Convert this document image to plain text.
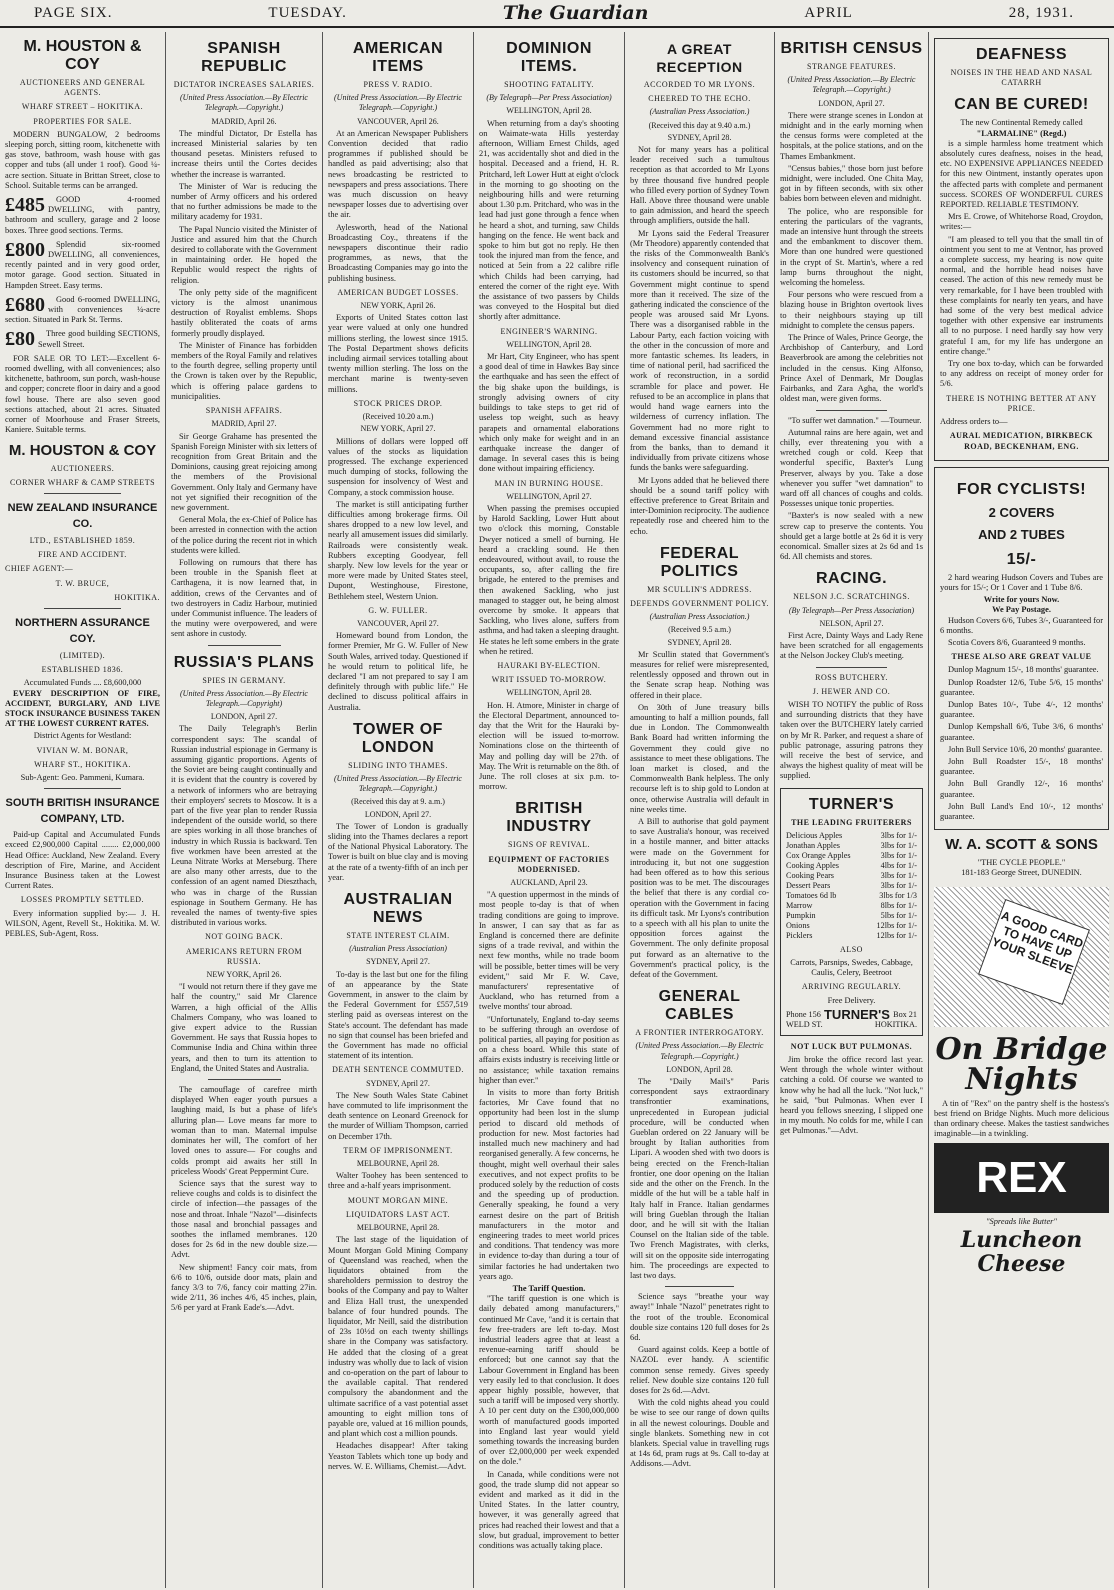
PAGE SIX.	TUESDAY.	The Guardian	APRIL	28, 1931.
M. HOUSTON & COY
AUCTIONEERS AND GENERAL AGENTS.
WHARF STREET – HOKITIKA.
PROPERTIES FOR SALE.

MODERN BUNGALOW, 2 bedrooms sleeping porch, sitting room, kitchenette with gas stove, bathroom, wash house with gas copper and tubs (all under 1 roof). Good ¼-acre section. Situate in Brittan Street, close to School. Suitable terms can be arranged.

£485	GOOD 4-roomed DWELLING, with pantry, bathroom and scullery, garage and 2 loose boxes. Three good sections. Terms.

£800	Splendid six-roomed DWELLING, all conveniences, recently painted and in very good order, motor garage. Good section. Situated in Hampden Street. Easy terms.

£680	Good 6-roomed DWELLING, with conveniences ¼-acre section. Situated in Park St. Terms.

£80	Three good building SECTIONS, Sewell Street.

FOR SALE OR TO LET:—Excellent 6-roomed dwelling, with all conveniences; also kitchenette, bathroom, sun porch, wash-house and copper; concrete floor in dairy and a good fowl house. There are also seven good sections attached, about 21 acres. Situated corner of Moorhouse and Fraser Streets, Kaniere. Suitable terms.

M. HOUSTON & COY
AUCTIONEERS.
CORNER WHARF & CAMP STREETS
NEW ZEALAND INSURANCE CO.
LTD., ESTABLISHED 1859.
FIRE AND ACCIDENT.
CHIEF AGENT:—
T. W. BRUCE,
HOKITIKA.
NORTHERN ASSURANCE COY.
(LIMITED).
ESTABLISHED 1836.
Accumulated Funds .... £8,600,000

EVERY DESCRIPTION OF FIRE, ACCIDENT, BURGLARY, AND LIVE STOCK INSURANCE BUSINESS TAKEN AT THE LOWEST CURRENT RATES.

District Agents for Westland:
VIVIAN W. M. BONAR,
WHARF ST., HOKITIKA.
Sub-Agent: Geo. Pammeni, Kumara.
SOUTH BRITISH INSURANCE COMPANY, LTD.

Paid-up Capital and Accumulated Funds exceed £2,900,000 Capital ........ £2,000,000 Head Office: Auckland, New Zealand. Every description of Fire, Marine, and Accident Insurance Business taken at the Lowest Current Rates.

LOSSES PROMPTLY SETTLED.

Every information supplied by:— J. H. WILSON, Agent, Revell St., Hokitika. M. W. PEBLES, Sub-Agent, Ross.

SPANISH REPUBLIC
DICTATOR INCREASES SALARIES.
(United Press Association.—By Electric Telegraph.—Copyright.)
MADRID, April 26.

The mindful Dictator, Dr Estella has increased Ministerial salaries by ten thousand pesetas. Ministers refused to increase theirs until the Cortes decides whether the increase is warranted.

The Minister of War is reducing the number of Army officers and his ordered that no further admissions be made to the military academy for 1931.

The Papal Nuncio visited the Minister of Justice and assured him that the Church desired to collaborate with the Government in maintaining order. He hoped the Republic would respect the rights of religion.

The only petty side of the magnificent victory is the almost unanimous destruction of Royalist emblems. Shops hastily obliterated the coats of arms formerly proudly displayed.

The Minister of Finance has forbidden members of the Royal Family and relatives to the fourth degree, selling property until the Crown is taken over by the Republic, which is offering palace gardens to municipalities.

SPANISH AFFAIRS.
MADRID, April 27.

Sir George Grahame has presented the Spanish Foreign Minister with six letters of recognition from Great Britain and the Dominions, causing great rejoicing among the members of the Provisional Government. Only Italy and Germany have not yet signified their recognition of the new government.

General Mola, the ex-Chief of Police has been arrested in connection with the action of the police during the recent riot in which students were killed.

Following on rumours that there has been trouble in the Spanish fleet at Carthagena, it is now learned that, in addition, crews of the Cervantes and of two destroyers in Cadiz Harbour, mutinied under Communist influence. The leaders of the mutiny were overpowered, and were sent ashore in custody.

RUSSIA'S PLANS
SPIES IN GERMANY.
(United Press Association.—By Electric Telegraph.—Copyright)
LONDON, April 27.

The Daily Telegraph's Berlin correspondent says: The scandal of Russian industrial espionage in Germany is assuming gigantic proportions. Agents of the Soviet are being caught continually and it is evident that the country is covered by a network of informers who are betraying their employers' secrets to Moscow. It is a part of the five year plan to render Russia independent of the outside world, so there are spies working in all those branches of industry in which Russia is backward. Ten five workmen have been arrested at the Leuna Nitrate Works at Merseburg. There are also many other arrests, due to the confession of an agent named Dieszthach, who was in charge of the Russian espionage in Southern Germany. He has revealed the names of twenty-five spies distributed in various works.

NOT GOING BACK.
AMERICANS RETURN FROM RUSSIA.
NEW YORK, April 26.

"I would not return there if they gave me half the country," said Mr Clarence Warren, a high official of the Allis Chalmers Company, who was loaned to give expert advice to the Russian Government. He says that Russia hopes to Communise India and China within three years, and then to turn its attention to England, the United States and Australia.

The camouflage of carefree mirth displayed When eager youth pursues a laughing maid, Is but a phase of life's alluring plan— Love means far more to woman than to man. Maternal impulse dominates her will, The comfort of her loved ones to assure— For coughs and colds prompt aid awaits her still In priceless Woods' Great Peppermint Cure.

Science says that the surest way to relieve coughs and colds is to disinfect the circle of infection—the passages of the nose and throat. Inhale "Nazol"—disinfects those nasal and bronchial passages and soothes the inflamed membranes. 120 doses for 2s 6d in the new double size.—Advt.

New shipment! Fancy coir mats, from 6/6 to 10/6, outside door mats, plain and fancy 3/3 to 7/6, fancy coir matting 27in. wide 2/11, 36 inches 4/6, 45 inches, plain, 5/6 per yard at Frank Eade's.—Advt.

AMERICAN ITEMS
PRESS V. RADIO.
(United Press Association.—By Electric Telegraph.—Copyright.)
VANCOUVER, April 26.

At an American Newspaper Publishers Convention decided that radio programmes if published should be handled as paid advertising; also that news broadcasting be restricted to newspapers and press associations. There was much discussion on heavy newspaper losses due to advertising over the air.

Aylesworth, head of the National Broadcasting Coy., threatens if the newspapers discontinue their radio programmes, as news, that the Broadcasting Companies may go into the publishing business.

AMERICAN BUDGET LOSSES.
NEW YORK, April 26.

Exports of United States cotton last year were valued at only one hundred millions sterling, the lowest since 1915. The Postal Department shows deficits including airmail services totalling about twenty million sterling. The loss on the merchant marine is twenty-seven millions.

STOCK PRICES DROP.
(Received 10.20 a.m.)
NEW YORK, April 27.

Millions of dollars were lopped off values of the stocks as liquidation progressed. The exchange experienced much dumping of stocks, following the suspension for insolvency of West and Company, a stock commission house.

The market is still anticipating further difficulties among brokerage firms. Oil shares dropped to a new low level, and nearly all amusement issues did similarly. Railroads were consistently weak. Rubbers excepting Goodyear, fell sharply. New low levels for the year or more were made by United States steel, Dupont, Westinghouse, Firestone, Bethlehem steel, Western Union.

G. W. FULLER.
VANCOUVER, April 27.

Homeward bound from London, the former Premier, Mr G. W. Fuller of New South Wales, arrived today. Questioned if he would return to political life, he declared "I am not prepared to say I am definitely through with public life." He declined to discuss political affairs in Australia.

TOWER OF LONDON
SLIDING INTO THAMES.
(United Press Association.—By Electric Telegraph.—Copyright.)
(Received this day at 9. a.m.)
LONDON, April 27.

The Tower of London is gradually sliding into the Thames declares a report of the National Physical Laboratory. The Tower is built on blue clay and is moving at the rate of a twenty-fifth of an inch per year.

AUSTRALIAN NEWS
STATE INTEREST CLAIM.
(Australian Press Association)
SYDNEY, April 27.

To-day is the last but one for the filing of an appearance by the State Government, in answer to the claim by the Federal Government for £557,519 sterling paid as overseas interest on the State's account. The defendant has made no sign that counsel has been briefed and the Government has made no official statement of its intention.

DEATH SENTENCE COMMUTED.
SYDNEY, April 27.

The New South Wales State Cabinet have commuted to life imprisonment the death sentence on Leonard Greenock for the murder of William Thompson, carried on December 17th.

TERM OF IMPRISONMENT.
MELBOURNE, April 28.

Walter Toohey has been sentenced to three and a-half years imprisonment.

MOUNT MORGAN MINE.
LIQUIDATORS LAST ACT.
MELBOURNE, April 28.

The last stage of the liquidation of Mount Morgan Gold Mining Company of Queensland was reached, when the liquidators obtained from the shareholders permission to destroy the books of the Company and pay to Walter and Eliza Hall trust, the unexpended balance of four hundred pounds. The liquidator, Mr Neill, said the distribution of 23s 10½d on each twenty shillings share in the Company was satisfactory. He added that the closing of a great industry was wholly due to lack of vision and co-operation on the part of labour to the available capital. That rendered compulsory the abandonment and the ultimate sacrifice of a vast potential asset amounting to eight million tons of payable ore, valued at 16 million pounds, and plant which cost a million pounds.

Headaches disappear! After taking Yeaston Tablets which tone up body and nerves. W. E. Williams, Chemist.—Advt.

DOMINION ITEMS.
SHOOTING FATALITY.
(By Telegraph—Per Press Association)
WELLINGTON, April 28.

When returning from a day's shooting on Waimate-wata Hills yesterday afternoon, William Ernest Childs, aged 21, was accidentally shot and died in the hospital. Deceased and a friend, H. R. Pritchard, left Lower Hutt at eight o'clock in the morning to go shooting on the neighbouring hills and were returning about 1.30 p.m. Pritchard, who was in the lead had just gone through a fence when he heard a shot, and turning, saw Childs hanging on the fence. He went back and spoke to him but got no reply. He then took the injured man from the fence, and noticed at 5ein from a 22 calibre rifle which Childs had been carrying, had entered the corner of the right eye. With the assistance of two passers by Childs was conveyed to the Hospital but died shortly after admittance.

ENGINEER'S WARNING.
WELLINGTON, April 28.

Mr Hart, City Engineer, who has spent a good deal of time in Hawkes Bay since the earthquake and has seen the effect of the big shake upon the buildings, is strongly advising owners of city buildings to take steps to get rid of useless top weight, such as heavy parapets and ornamental elaborations which only make for weight and in an earthquake increase the danger of damage. In several cases this is being done without impairing efficiency.

MAN IN BURNING HOUSE.
WELLINGTON, April 27.

When passing the premises occupied by Harold Sackling, Lower Hutt about two o'clock this morning, Constable Dwyer noticed a smell of burning. He heard a crackling sound. He then endeavoured, without avail, to rouse the occupants, so, after calling the fire brigade, he entered to the premises and then awakened Sackling, who just managed to stagger out, he being almost overcome by smoke. It appears that Sackling, who lives alone, suffers from asthma, and had taken a sleeping draught. He states he left some embers in the grate when he retired.

HAURAKI BY-ELECTION.
WRIT ISSUED TO-MORROW.
WELLINGTON, April 28.

Hon. H. Atmore, Minister in charge of the Electoral Department, announced to-day that the Writ for the Hauraki by-election will be issued to-morrow. Nominations close on the thirteenth of May and polling day will be 27th. of May. The Writ is returnable on the 8th. of June. The roll closes at six p.m. to-morrow.

BRITISH INDUSTRY
SIGNS OF REVIVAL.
EQUIPMENT OF FACTORIES MODERNISED.
AUCKLAND, April 23.

"A question uppermost in the minds of most people to-day is that of when trading conditions are going to improve. In answer, I can say that as far as England is concerned there are definite signs of a trade revival, and within the next few months, while no trade boom will be possible, better times will be very evident," said Mr F. W. Cave, manufacturers' representative of Auckland, who has returned from a twelve months' tour abroad.

"Unfortunately, England to-day seems to be suffering through an overdose of political parties, all paying for position as on a chess board. While this state of affairs exists industry is receiving little or no assistance; while taxation remains higher than ever."

In visits to more than forty British factories, Mr Cave found that no opportunity had been lost in the slump period to discard old methods of production for new. Most factories had installed much new machinery and had reorganised generally. A few concerns, he thought, might well overhaul their sales executives, and not expect profits to be produced solely by the reduction of costs and the speeding up of production. Generally speaking, he found a very earnest desire on the part of British manufacturers in the motor and engineering trades to meet world prices and conditions. That tendency was more in evidence to-day than during a tour of similar factories he had undertaken two years ago.

The Tariff Question.

"The tariff question is one which is daily debated among manufacturers," continued Mr Cave, "and it is certain that few free-traders are left to-day. Most industrial leaders agree that at least a revenue-earning tariff should be enforced; but one cannot say that the Labour Government in England has been very easily led to that conclusion. It does appear highly possible, however, that such a tariff will be imposed very shortly. A 10 per cent duty on the £300,000,000 worth of manufactured goods imported into England last year would yield something towards the increasing burden of over £2,000,000 per week expended on the dole."

In Canada, while conditions were not good, the trade slump did not appear so evident and marked as it did in the United States. In the latter country, however, it was generally agreed that prices had reached their lowest and that a slow, but gradual, improvement to better conditions was actually taking place.

A GREAT RECEPTION
ACCORDED TO MR LYONS.
CHEERED TO THE ECHO.
(Australian Press Association.)
(Received this day at 9.40 a.m.)
SYDNEY, April 28.

Not for many years has a political leader received such a tumultous reception as that accorded to Mr Lyons by three thousand five hundred people who filled every portion of Sydney Town Hall. Above three thousand were unable to gain admission, and heard the speech through amplifiers, outside the hall.

Mr Lyons said the Federal Treasurer (Mr Theodore) apparently contended that the risks of the Commonwealth Bank's insolvency and consequent ruination of its customers should be incurred, so that Government might continue to spend more than it received. The size of the gathering indicated the conscience of the people was aroused said Mr Lyons. There was a disorganised rabble in the Labour Party, each faction voicing with the other in the concussion of more and more fantastic schemes. Its leaders, in time of national peril, had sacrificed the work of reconstruction, in a sordid scramble for place and power. He refused to be an accomplice in plans that would hand wage earners into the wilderness of currency inflation. The Government had no more right to demand excessive financial assistance from the banks, than to demand it individually from private citizens whose funds the banks were safeguarding.

Mr Lyons added that he believed there should be a sound tariff policy with effective preference to Great Britain and inter-Dominion reciprocity. The audience repeatedly rose and cheered him to the echo.

FEDERAL POLITICS
MR SCULLIN'S ADDRESS.
DEFENDS GOVERNMENT POLICY.
(Australian Press Association.)
(Received 9.5 a.m.)
SYDNEY, April 28.

Mr Scullin stated that Government's measures for relief were misrepresented, relentlessly opposed and thrown out in the Senate scrap heap. Nothing was offered in their place.

On 30th of June treasury bills amounting to half a million pounds, fall due in London. The Commonwealth Bank Board had written informing the Government they could give no assistance to meet these obligations. The loan market is closed, and the Commonwealth Bank helpless. The only recourse left is to ship gold to London at once, otherwise Australia will default in nine weeks time.

A Bill to authorise that gold payment to save Australia's honour, was received in a hostile manner, and bitter attacks were made on the Government for introducing it, but not one suggestion had been offered as to how this serious position was to be met. The discourages the belief that there is any cordial co-operation with the Government in facing its difficult task. Mr Lyons's contribution to a speech with all his plan to unite the opposition forces against the Government. The only definite proposal put forward as an alternative to the Government's practical policy, is the defeat of the Government.

GENERAL CABLES
A FRONTIER INTERROGATORY.
(United Press Association.—By Electric Telegraph.—Copyright.)
LONDON, April 28.

The "Daily Mail's" Paris correspondent says extraordinary transfrontier examinations, unprecedented in European judicial procedure, will be conducted when Gueblan ordered on 22 January will be brought by Italian authorities from Lipari. A wooden shed with two doors is being erected on the French-Italian frontier, one door opening on the Italian side and the other on the French. In the middle of the hut will be a table half in Italy half in France. Italian gendarmes will bring Gueblan through the Italian door, and he will sit with the Italian Counsel on the Italian side of the table. Two French Magistrates, with clerks, will sit on the opposite side interrogating him. The proceedings are expected to last two days.

Science says "breathe your way away!" Inhale "Nazol" penetrates right to the root of the trouble. Economical double size contains 120 full doses for 2s 6d.

Guard against colds. Keep a bottle of NAZOL ever handy. A scientific common sense remedy. Gives speedy relief. New double size contains 120 full doses for 2s 6d.—Advt.

With the cold nights ahead you could be wise to see our range of down quilts in all the newest colourings. Double and single blankets. Something new in cot blankets. Special value in travelling rugs at 14s 6d, pram rugs at 9s. Call to-day at Addisons.—Advt.

BRITISH CENSUS
STRANGE FEATURES.
(United Press Association.—By Electric Telegraph.—Copyright.)
LONDON, April 27.

There were strange scenes in London at midnight and in the early morning when the census forms were completed at the hospitals, at the police stations, and on the Thames Embankment.

"Census babies," those born just before midnight, were included. One Chita May, got in by fifteen seconds, with six other babies born between eleven and midnight.

The police, who are responsible for entering the particulars of the vagrants, made an intensive hunt through the streets and the embankment to discover them. More than one hundred were questioned in the crypt of St. Martin's, where a red lamp burns throughout the night, welcoming the homeless.

Four persons who were rescued from a blazing house in Brighton overtook lives to their neighbours staying up till midnight to complete the census papers.

The Prince of Wales, Prince George, the Archbishop of Canterbury, and Lord Beaverbrook are among the celebrities not included in the census. King Alfonso, Prince Axel of Denmark, Mr Douglas Fairbanks, and Zara Agha, the world's oldest man, were given forms.

"To suffer wet damnation." —Tourneur.

Autumnal rains are here again, wet and chilly, ever threatening you with a wretched cough or cold. Keep that wonderful specific, Baxter's Lung Preserver, always by you. Take a dose whenever you suffer "wet damnation" to ward off all chances of coughs and colds. Possesses unique tonic properties.

"Baxter's is now sealed with a new screw cap to preserve the contents. You should get a large bottle at 2s 6d it is very economical. Smaller sizes at 2s 6d and 1s 6d. All chemists and stores.

RACING.
NELSON J.C. SCRATCHINGS.
(By Telegraph—Per Press Association)
NELSON, April 27.

First Acre, Dainty Ways and Lady Rene have been scratched for all engagements at the Nelson Jockey Club's meeting.

ROSS BUTCHERY.
J. HEWER AND CO.

WISH TO NOTIFY the public of Ross and surrounding districts that they have taken over the BUTCHERY lately carried on by Mr R. Parker, and request a share of public patronage, assuring patrons they will receive the best of service, and always the highest quality of meat will be supplied.

TURNER'S
THE LEADING FRUITERERS
Delicious Apples	3lbs for 1/-
Jonathan Apples	3lbs for 1/-
Cox Orange Apples	3lbs for 1/-
Cooking Apples	4lbs for 1/-
Cooking Pears	3lbs for 1/-
Dessert Pears	3lbs for 1/-
Tomatoes 6d lb	3lbs for 1/3
Marrow	8lbs for 1/-
Pumpkin	5lbs for 1/-
Onions	12lbs for 1/-
Picklers	12lbs for 1/-
ALSO
Carrots, Parsnips, Swedes, Cabbage, Caulis, Celery, Beetroot
ARRIVING REGULARLY.
Free Delivery.
Phone 156 TURNER'S Box 21
WELD ST.	HOKITIKA.
NOT LUCK BUT PULMONAS.

Jim broke the office record last year. Went through the whole winter without catching a cold. Of course we wanted to know why he had all the luck. "Not luck," he said, "but Pulmonas. When ever I heard you fellows sneezing, I slipped one in my mouth. No colds for me, while I can get Pulmonas."—Advt.

DEAFNESS
NOISES IN THE HEAD AND NASAL CATARRH
CAN BE CURED!
The new Continental Remedy called
"LARMALINE" (Regd.)

is a simple harmless home treatment which absolutely cures deafness, noises in the head, etc. NO EXPENSIVE APPLIANCES NEEDED for this new Ointment, instantly operates upon the affected parts with complete and permanent success. SCORES OF WONDERFUL CURES REPORTED. RELIABLE TESTIMONY.

Mrs E. Crowe, of Whitehorse Road, Croydon, writes:—

"I am pleased to tell you that the small tin of ointment you sent to me at Ventnor, has proved a complete success, my hearing is now quite normal, and the horrible head noises have ceased. The action of this new remedy must be very remarkable, for I have been troubled with these complaints for nearly ten years, and have had some of the very best medical advice together with other expensive ear instruments all to no purpose. I need hardly say how very grateful I am, for my life has undergone an entire change."

Try one box to-day, which can be forwarded to any address on receipt of money order for 5/6.

THERE IS NOTHING BETTER AT ANY PRICE.
Address orders to—
AURAL MEDICATION, BIRKBECK ROAD, BECKENHAM, ENG.
FOR CYCLISTS!
2 COVERS
AND 2 TUBES
15/-

2 hard wearing Hudson Covers and Tubes are yours for 15/-; Or 1 Cover and 1 Tube 8/6.

Write for yours Now.
We Pay Postage.

Hudson Covers 6/6, Tubes 3/-, Guaranteed for 6 months.

Scotia Covers 8/6, Guaranteed 9 months.

THESE ALSO ARE GREAT VALUE

Dunlop Magnum 15/-, 18 months' guarantee.

Dunlop Roadster 12/6, Tube 5/6, 15 months' guarantee.

Dunlop Bates 10/-, Tube 4/-, 12 months' guarantee.

Dunlop Kempshall 6/6, Tube 3/6, 6 months' guarantee.

John Bull Service 10/6, 20 months' guarantee.

John Bull Roadster 15/-, 18 months' guarantee.

John Bull Grandly 12/-, 16 months' guarantee.

John Bull Land's End 10/-, 12 months' guarantee.

W. A. SCOTT & SONS
"THE CYCLE PEOPLE."
181-183 George Street, DUNEDIN.
A GOOD CARD TO HAVE UP YOUR SLEEVE
On Bridge Nights

A tin of "Rex" on the pantry shelf is the hostess's best friend on Bridge Nights. Much more delicious than ordinary cheese. Makes the tastiest sandwiches imaginable—in a twinkling.

REX
"Spreads like Butter"
Luncheon Cheese
